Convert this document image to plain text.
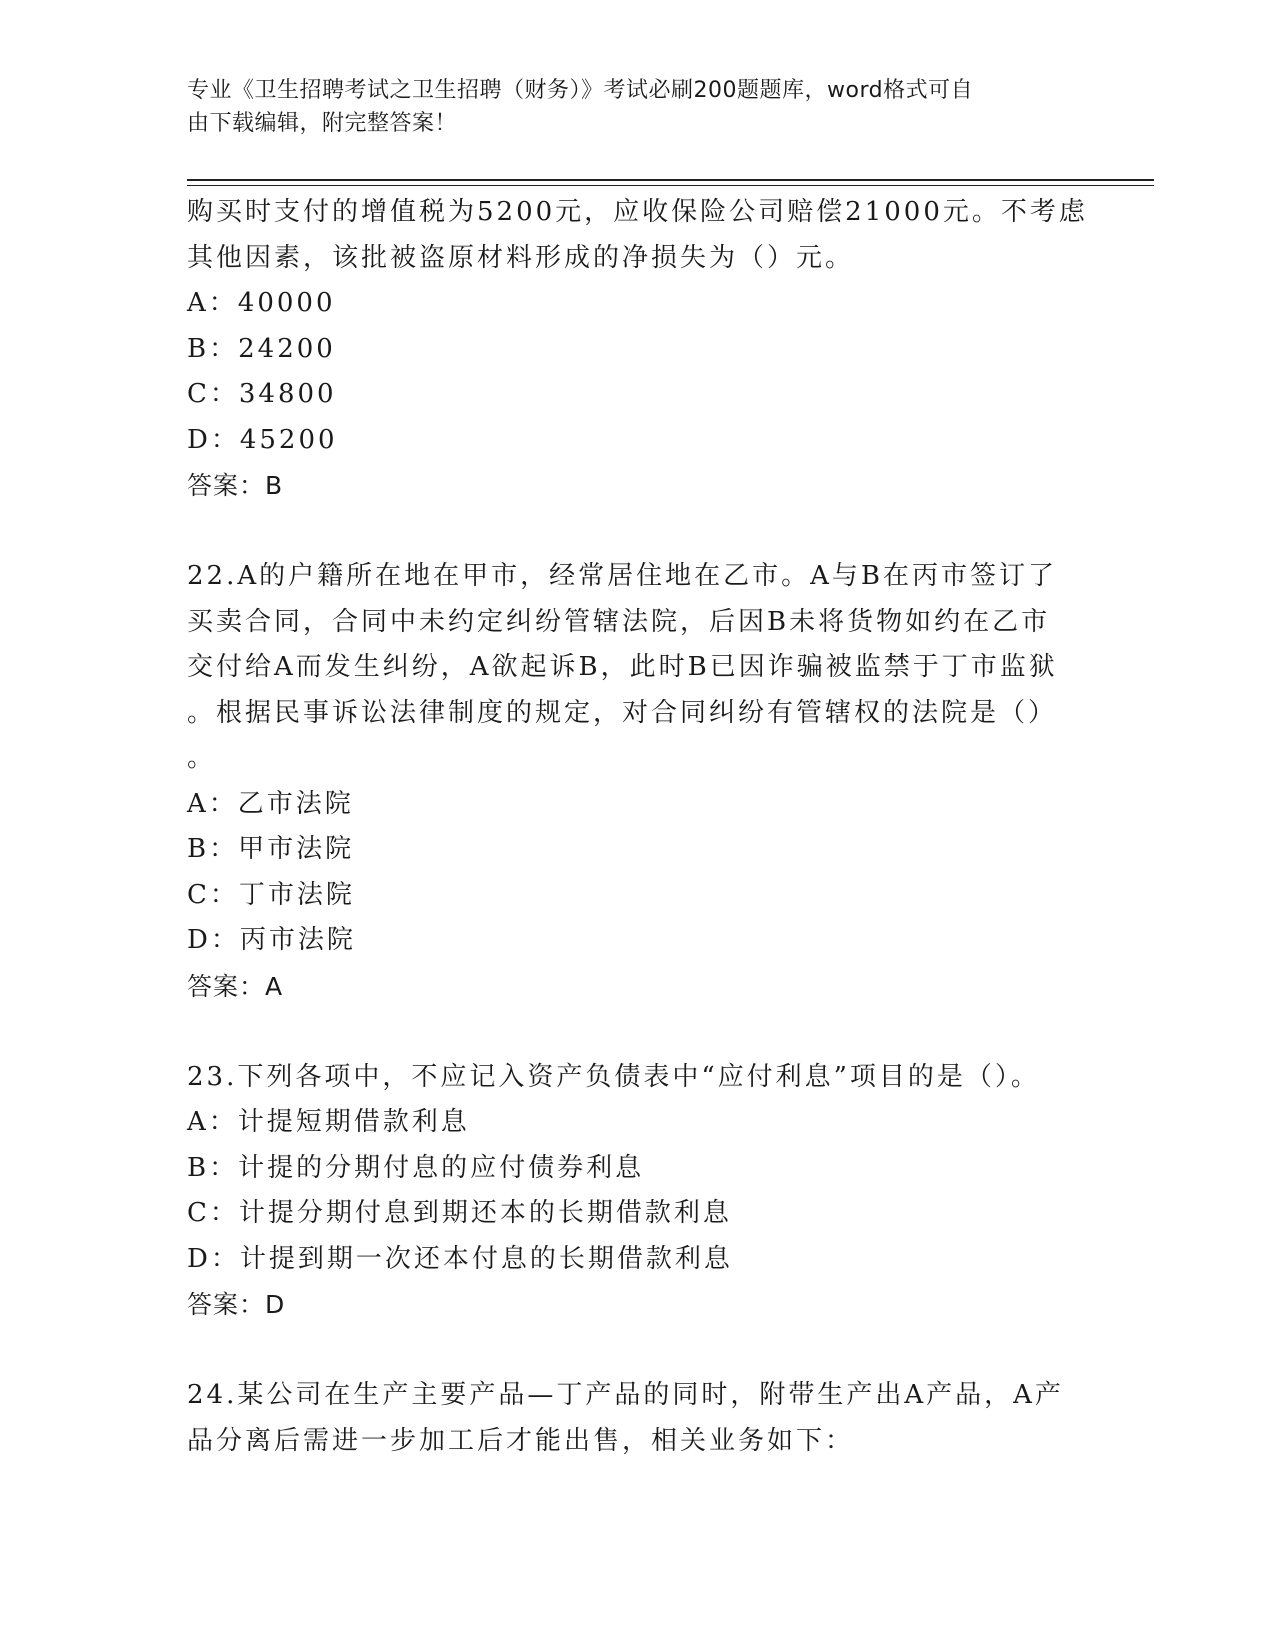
专业《卫生招聘考试之卫生招聘（财务）》考试必刷200题题库，word格式可自
由下载编辑，附完整答案！
购买时支付的增值税为5200元，应收保险公司赔偿21000元。不考虑
其他因素，该批被盗原材料形成的净损失为（）元。
A：40000
B：24200
C：34800
D：45200
答案：B
22.A的户籍所在地在甲市，经常居住地在乙市。A与B在丙市签订了
买卖合同，合同中未约定纠纷管辖法院，后因B未将货物如约在乙市
交付给A而发生纠纷，A欲起诉B，此时B已因诈骗被监禁于丁市监狱
。根据民事诉讼法律制度的规定，对合同纠纷有管辖权的法院是（）
。
A：乙市法院
B：甲市法院
C：丁市法院
D：丙市法院
答案：A
23.下列各项中，不应记入资产负债表中“应付利息”项目的是（）。
A：计提短期借款利息
B：计提的分期付息的应付债券利息
C：计提分期付息到期还本的长期借款利息
D：计提到期一次还本付息的长期借款利息
答案：D
24.某公司在生产主要产品—丁产品的同时，附带生产出A产品，A产
品分离后需进一步加工后才能出售，相关业务如下：
